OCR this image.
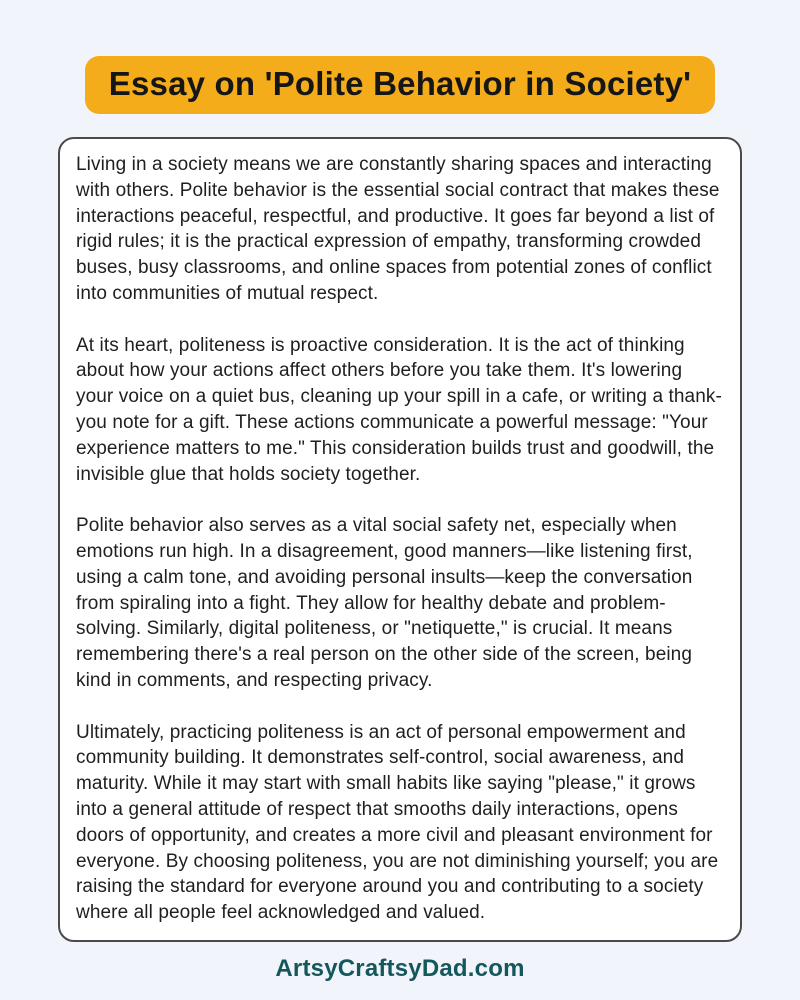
Essay on 'Polite Behavior in Society'

Living in a society means we are constantly sharing spaces and interacting with others. Polite behavior is the essential social contract that makes these interactions peaceful, respectful, and productive. It goes far beyond a list of rigid rules; it is the practical expression of empathy, transforming crowded buses, busy classrooms, and online spaces from potential zones of conflict into communities of mutual respect.

At its heart, politeness is proactive consideration. It is the act of thinking about how your actions affect others before you take them. It's lowering your voice on a quiet bus, cleaning up your spill in a cafe, or writing a thank-you note for a gift. These actions communicate a powerful message: "Your experience matters to me." This consideration builds trust and goodwill, the invisible glue that holds society together.

Polite behavior also serves as a vital social safety net, especially when emotions run high. In a disagreement, good manners—like listening first, using a calm tone, and avoiding personal insults—keep the conversation from spiraling into a fight. They allow for healthy debate and problem-solving. Similarly, digital politeness, or "netiquette," is crucial. It means remembering there's a real person on the other side of the screen, being kind in comments, and respecting privacy.

Ultimately, practicing politeness is an act of personal empowerment and community building. It demonstrates self-control, social awareness, and maturity. While it may start with small habits like saying "please," it grows into a general attitude of respect that smooths daily interactions, opens doors of opportunity, and creates a more civil and pleasant environment for everyone. By choosing politeness, you are not diminishing yourself; you are raising the standard for everyone around you and contributing to a society where all people feel acknowledged and valued.

ArtsyCraftsyDad.com
